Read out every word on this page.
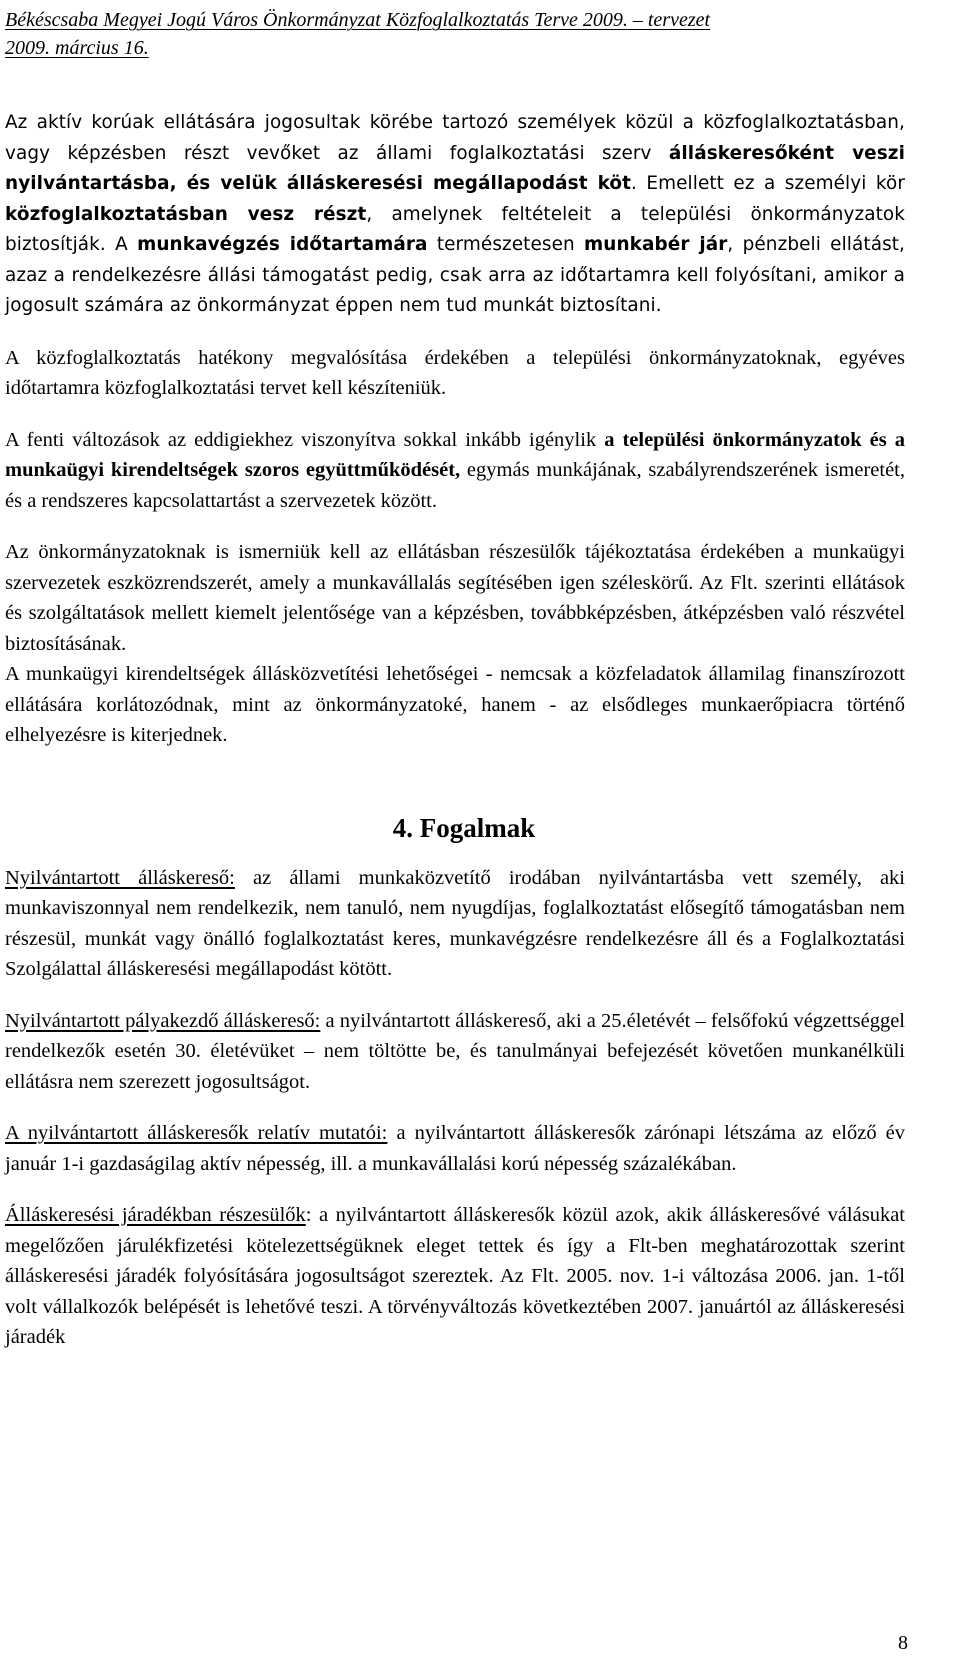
Békéscsaba Megyei Jogú Város Önkormányzat Közfoglalkoztatás Terve 2009. – tervezet
2009. március 16.

Az aktív korúak ellátására jogosultak körébe tartozó személyek közül a közfoglalkoztatásban, vagy képzésben részt vevőket az állami foglalkoztatási szerv álláskeresőként veszi nyilvántartásba, és velük álláskeresési megállapodást köt. Emellett ez a személyi kör közfoglalkoztatásban vesz részt, amelynek feltételeit a települési önkormányzatok biztosítják. A munkavégzés időtartamára természetesen munkabér jár, pénzbeli ellátást, azaz a rendelkezésre állási támogatást pedig, csak arra az időtartamra kell folyósítani, amikor a jogosult számára az önkormányzat éppen nem tud munkát biztosítani.

A közfoglalkoztatás hatékony megvalósítása érdekében a települési önkormányzatoknak, egyéves időtartamra közfoglalkoztatási tervet kell készíteniük.

A fenti változások az eddigiekhez viszonyítva sokkal inkább igénylik a települési önkormányzatok és a munkaügyi kirendeltségek szoros együttműködését, egymás munkájának, szabályrendszerének ismeretét, és a rendszeres kapcsolattartást a szervezetek között.

Az önkormányzatoknak is ismerniük kell az ellátásban részesülők tájékoztatása érdekében a munkaügyi szervezetek eszközrendszerét, amely a munkavállalás segítésében igen széleskörű. Az Flt. szerinti ellátások és szolgáltatások mellett kiemelt jelentősége van a képzésben, továbbképzésben, átképzésben való részvétel biztosításának.

A munkaügyi kirendeltségek állásközvetítési lehetőségei - nemcsak a közfeladatok államilag finanszírozott ellátására korlátozódnak, mint az önkormányzatoké, hanem - az elsődleges munkaerőpiacra történő elhelyezésre is kiterjednek.

4. Fogalmak

Nyilvántartott álláskereső: az állami munkaközvetítő irodában nyilvántartásba vett személy, aki munkaviszonnyal nem rendelkezik, nem tanuló, nem nyugdíjas, foglalkoztatást elősegítő támogatásban nem részesül, munkát vagy önálló foglalkoztatást keres, munkavégzésre rendelkezésre áll és a Foglalkoztatási Szolgálattal álláskeresési megállapodást kötött.

Nyilvántartott pályakezdő álláskereső: a nyilvántartott álláskereső, aki a 25.életévét – felsőfokú végzettséggel rendelkezők esetén 30. életévüket – nem töltötte be, és tanulmányai befejezését követően munkanélküli ellátásra nem szerezett jogosultságot.

A nyilvántartott álláskeresők relatív mutatói: a nyilvántartott álláskeresők zárónapi létszáma az előző év január 1-i gazdaságilag aktív népesség, ill. a munkavállalási korú népesség százalékában.

Álláskeresési járadékban részesülők: a nyilvántartott álláskeresők közül azok, akik álláskeresővé válásukat megelőzően járulékfizetési kötelezettségüknek eleget tettek és így a Flt-ben meghatározottak szerint álláskeresési járadék folyósítására jogosultságot szereztek. Az Flt. 2005. nov. 1-i változása 2006. jan. 1-től volt vállalkozók belépését is lehetővé teszi. A törvényváltozás következtében 2007. januártól az álláskeresési járadék

8
